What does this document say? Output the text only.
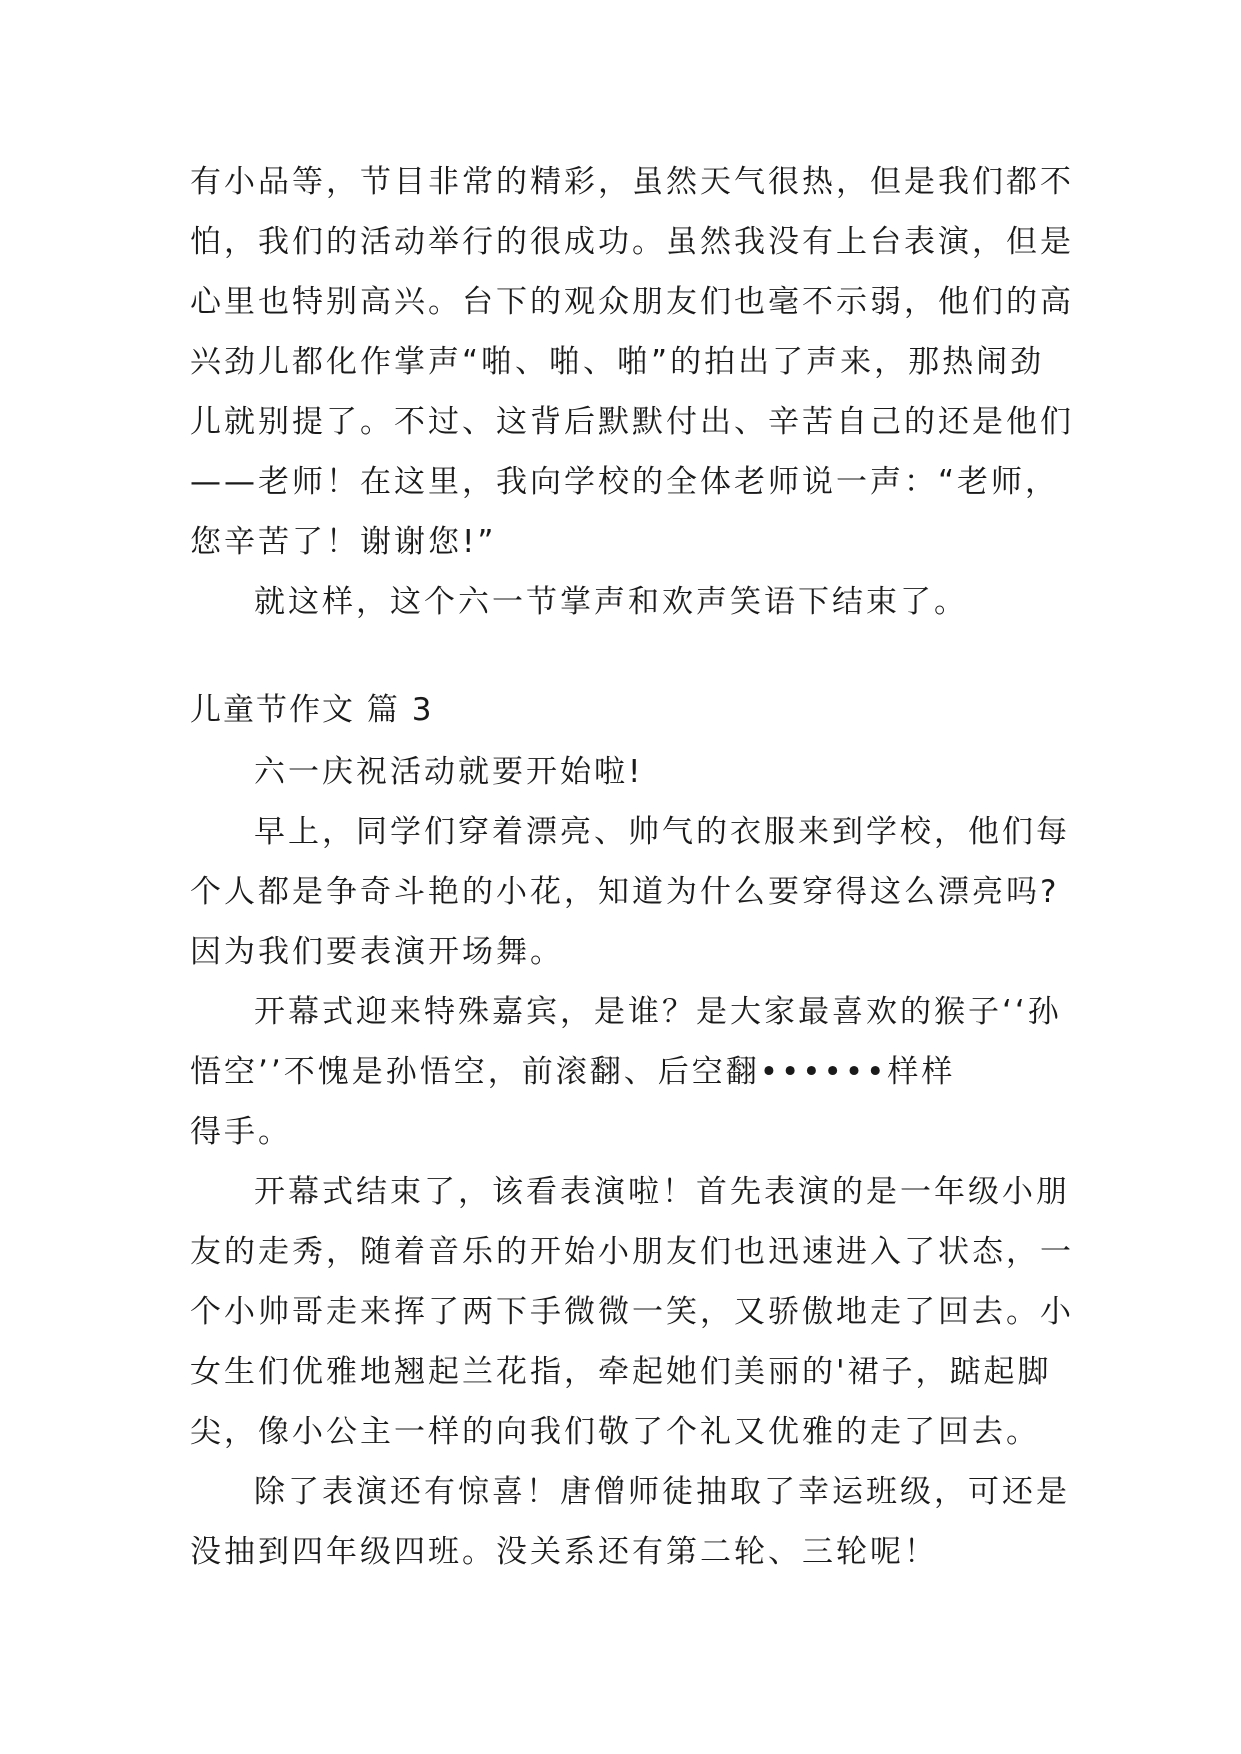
有小品等，节目非常的精彩，虽然天气很热，但是我们都不
怕，我们的活动举行的很成功。虽然我没有上台表演，但是
心里也特别高兴。台下的观众朋友们也毫不示弱，他们的高
兴劲儿都化作掌声“啪、啪、啪”的拍出了声来，那热闹劲
儿就别提了。不过、这背后默默付出、辛苦自己的还是他们
——老师！在这里，我向学校的全体老师说一声：“老师，
您辛苦了！谢谢您!”
就这样，这个六一节掌声和欢声笑语下结束了。
儿童节作文 篇 3
六一庆祝活动就要开始啦!
早上，同学们穿着漂亮、帅气的衣服来到学校，他们每
个人都是争奇斗艳的小花，知道为什么要穿得这么漂亮吗?
因为我们要表演开场舞。
开幕式迎来特殊嘉宾，是谁？是大家最喜欢的猴子‘‘孙
悟空’’不愧是孙悟空，前滚翻、后空翻••••••样样
得手。
开幕式结束了，该看表演啦！首先表演的是一年级小朋
友的走秀，随着音乐的开始小朋友们也迅速进入了状态，一
个小帅哥走来挥了两下手微微一笑，又骄傲地走了回去。小
女生们优雅地翘起兰花指，牵起她们美丽的'裙子，踮起脚
尖，像小公主一样的向我们敬了个礼又优雅的走了回去。
除了表演还有惊喜！唐僧师徒抽取了幸运班级，可还是
没抽到四年级四班。没关系还有第二轮、三轮呢！
